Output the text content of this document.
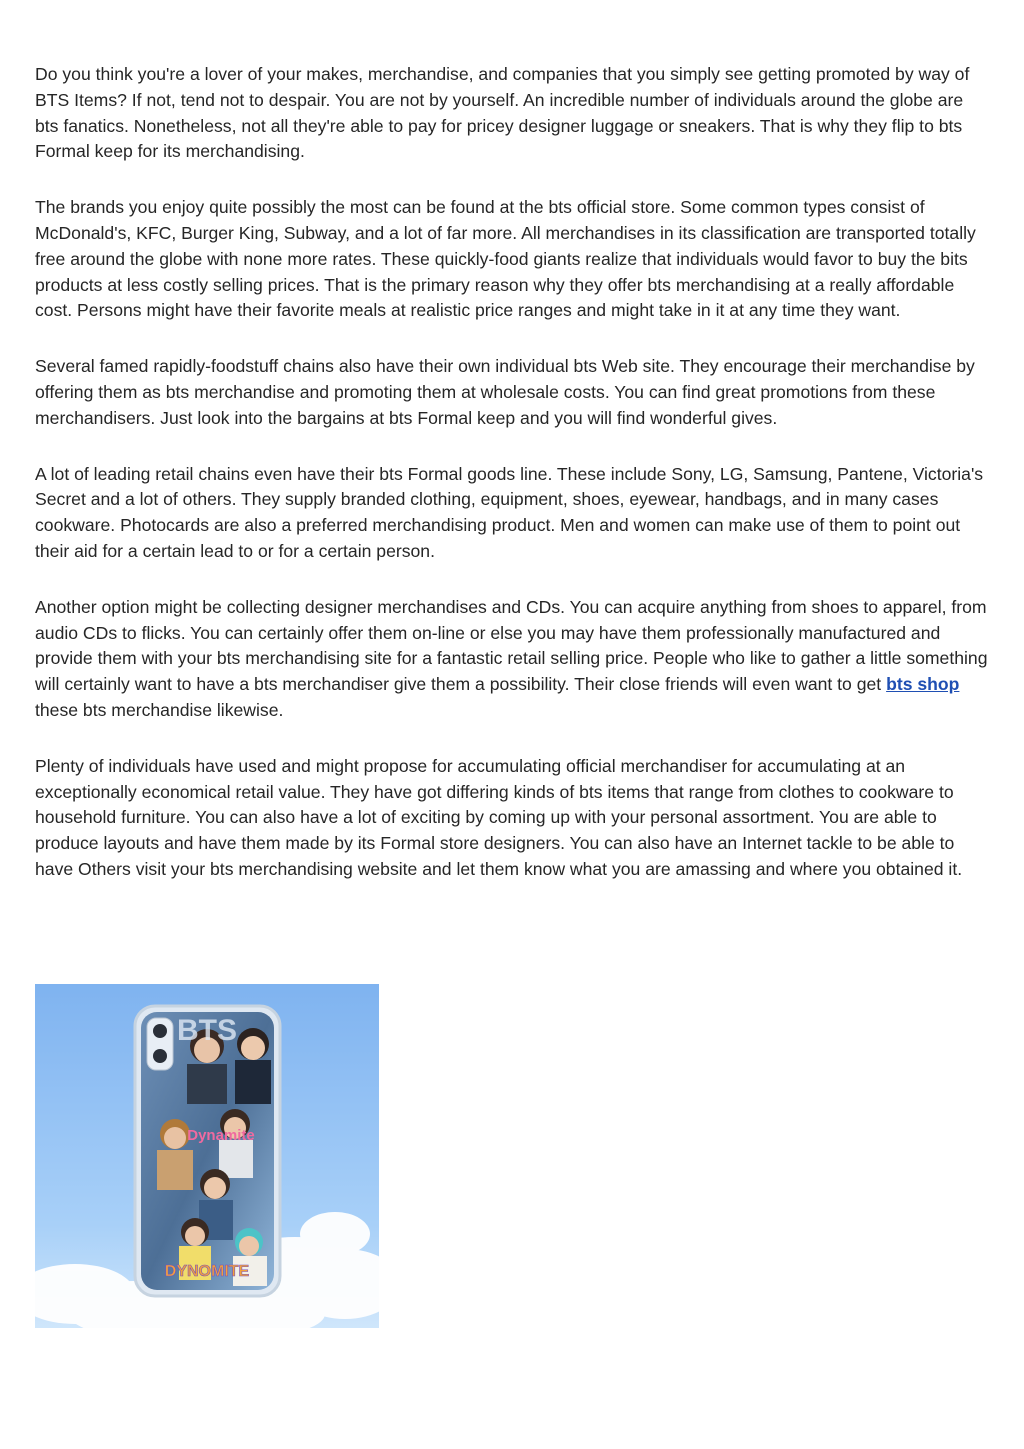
Do you think you're a lover of your makes, merchandise, and companies that you simply see getting promoted by way of BTS Items? If not, tend not to despair. You are not by yourself. An incredible number of individuals around the globe are bts fanatics. Nonetheless, not all they're able to pay for pricey designer luggage or sneakers. That is why they flip to bts Formal keep for its merchandising.

The brands you enjoy quite possibly the most can be found at the bts official store. Some common types consist of McDonald's, KFC, Burger King, Subway, and a lot of far more. All merchandises in its classification are transported totally free around the globe with none more rates. These quickly-food giants realize that individuals would favor to buy the bits products at less costly selling prices. That is the primary reason why they offer bts merchandising at a really affordable cost. Persons might have their favorite meals at realistic price ranges and might take in it at any time they want.

Several famed rapidly-foodstuff chains also have their own individual bts Web site. They encourage their merchandise by offering them as bts merchandise and promoting them at wholesale costs. You can find great promotions from these merchandisers. Just look into the bargains at bts Formal keep and you will find wonderful gives.

A lot of leading retail chains even have their bts Formal goods line. These include Sony, LG, Samsung, Pantene, Victoria's Secret and a lot of others. They supply branded clothing, equipment, shoes, eyewear, handbags, and in many cases cookware. Photocards are also a preferred merchandising product. Men and women can make use of them to point out their aid for a certain lead to or for a certain person.

Another option might be collecting designer merchandises and CDs. You can acquire anything from shoes to apparel, from audio CDs to flicks. You can certainly offer them on-line or else you may have them professionally manufactured and provide them with your bts merchandising site for a fantastic retail selling price. People who like to gather a little something will certainly want to have a bts merchandiser give them a possibility. Their close friends will even want to get bts shop these bts merchandise likewise.

Plenty of individuals have used and might propose for accumulating official merchandiser for accumulating at an exceptionally economical retail value. They have got differing kinds of bts items that range from clothes to cookware to household furniture. You can also have a lot of exciting by coming up with your personal assortment. You are able to produce layouts and have them made by its Formal store designers. You can also have an Internet tackle to be able to have Others visit your bts merchandising website and let them know what you are amassing and where you obtained it.

BTS
Dynamite
DYNOMITE
